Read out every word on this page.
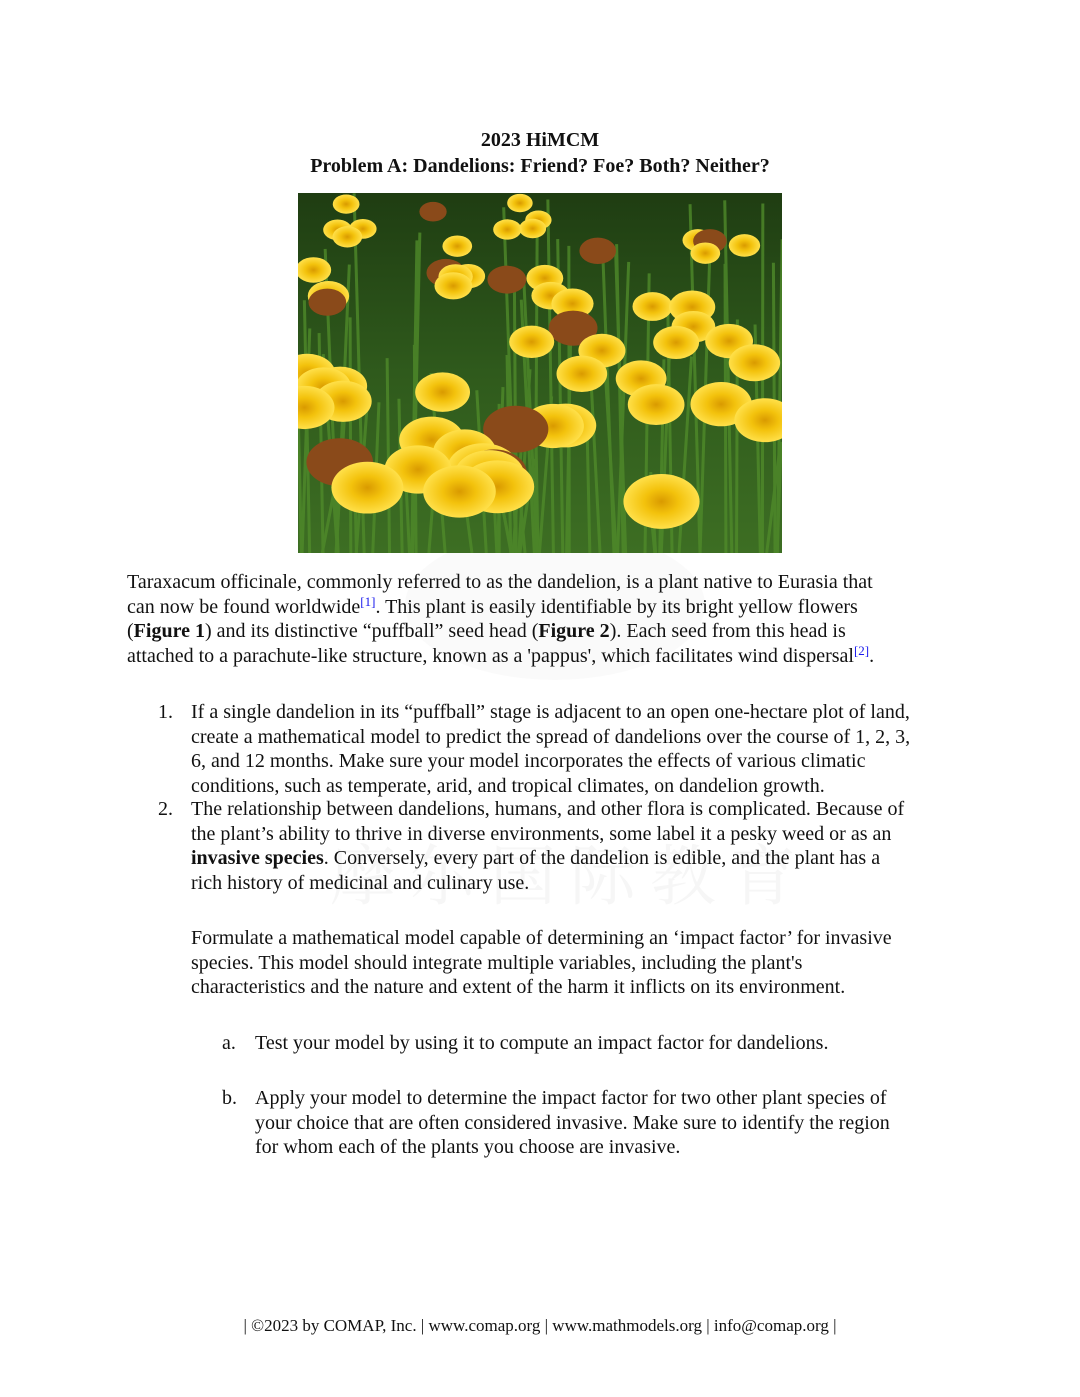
2023 HiMCM
Problem A: Dandelions: Friend? Foe? Both? Neither?
Taraxacum officinale, commonly referred to as the dandelion, is a plant native to Eurasia that
can now be found worldwide[1]. This plant is easily identifiable by its bright yellow flowers
(Figure 1) and its distinctive “puffball” seed head (Figure 2). Each seed from this head is
attached to a parachute-like structure, known as a 'pappus', which facilitates wind dispersal[2].
1. If a single dandelion in its “puffball” stage is adjacent to an open one-hectare plot of land,
create a mathematical model to predict the spread of dandelions over the course of 1, 2, 3,
6, and 12 months. Make sure your model incorporates the effects of various climatic
conditions, such as temperate, arid, and tropical climates, on dandelion growth.
2. The relationship between dandelions, humans, and other flora is complicated. Because of
the plant’s ability to thrive in diverse environments, some label it a pesky weed or as an
invasive species. Conversely, every part of the dandelion is edible, and the plant has a
rich history of medicinal and culinary use.
Formulate a mathematical model capable of determining an ‘impact factor’ for invasive
species. This model should integrate multiple variables, including the plant's
characteristics and the nature and extent of the harm it inflicts on its environment.
a. Test your model by using it to compute an impact factor for dandelions.
b. Apply your model to determine the impact factor for two other plant species of
your choice that are often considered invasive. Make sure to identify the region
for whom each of the plants you choose are invasive.
| ©2023 by COMAP, Inc. | www.comap.org | www.mathmodels.org | info@comap.org |
